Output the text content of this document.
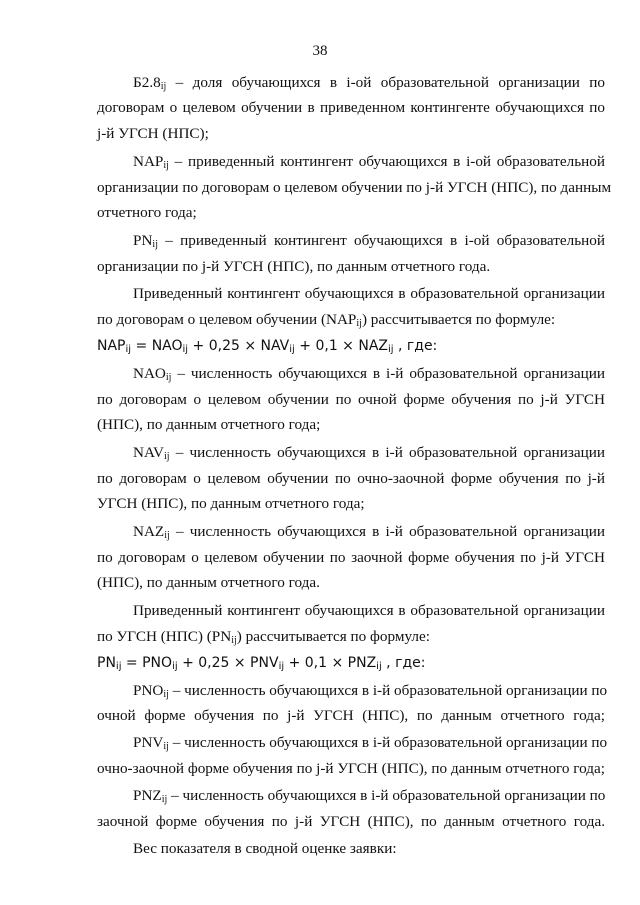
38
$Б2.8_{ij}$ – доля обучающихся в i-ой образовательной организации по
договорам о целевом обучении в приведенном контингенте обучающихся по
j-й УГСН (НПС);
$NAP_{ij}$ – приведенный контингент обучающихся в i-ой образовательной
организации по договорам о целевом обучении по j-й УГСН (НПС), по данным
отчетного года;
$PN_{ij}$ – приведенный контингент обучающихся в i-ой образовательной
организации по j-й УГСН (НПС), по данным отчетного года.
Приведенный контингент обучающихся в образовательной организации
по договорам о целевом обучении $(NAP_{ij})$ рассчитывается по формуле:
$NAP_{ij} = NAO_{ij} + 0,25 \times NAV_{ij} + 0,1 \times NAZ_{ij}$ , где:
$NAO_{ij}$ – численность обучающихся в i-й образовательной организации
по договорам о целевом обучении по очной форме обучения по j-й УГСН
(НПС), по данным отчетного года;
$NAV_{ij}$ – численность обучающихся в i-й образовательной организации
по договорам о целевом обучении по очно-заочной форме обучения по j-й
УГСН (НПС), по данным отчетного года;
$NAZ_{ij}$ – численность обучающихся в i-й образовательной организации
по договорам о целевом обучении по заочной форме обучения по j-й УГСН
(НПС), по данным отчетного года.
Приведенный контингент обучающихся в образовательной организации
по УГСН (НПС) $(PN_{ij})$ рассчитывается по формуле:
$PN_{ij} = PNO_{ij} + 0,25 \times PNV_{ij} + 0,1 \times PNZ_{ij}$ , где:
$PNO_{ij}$ – численность обучающихся в i-й образовательной организации по
очной форме обучения по j-й УГСН (НПС), по данным отчетного года;
$PNV_{ij}$ – численность обучающихся в i-й образовательной организации по
очно-заочной форме обучения по j-й УГСН (НПС), по данным отчетного года;
$PNZ_{ij}$ – численность обучающихся в i-й образовательной организации по
заочной форме обучения по j-й УГСН (НПС), по данным отчетного года.
Вес показателя в сводной оценке заявки:
